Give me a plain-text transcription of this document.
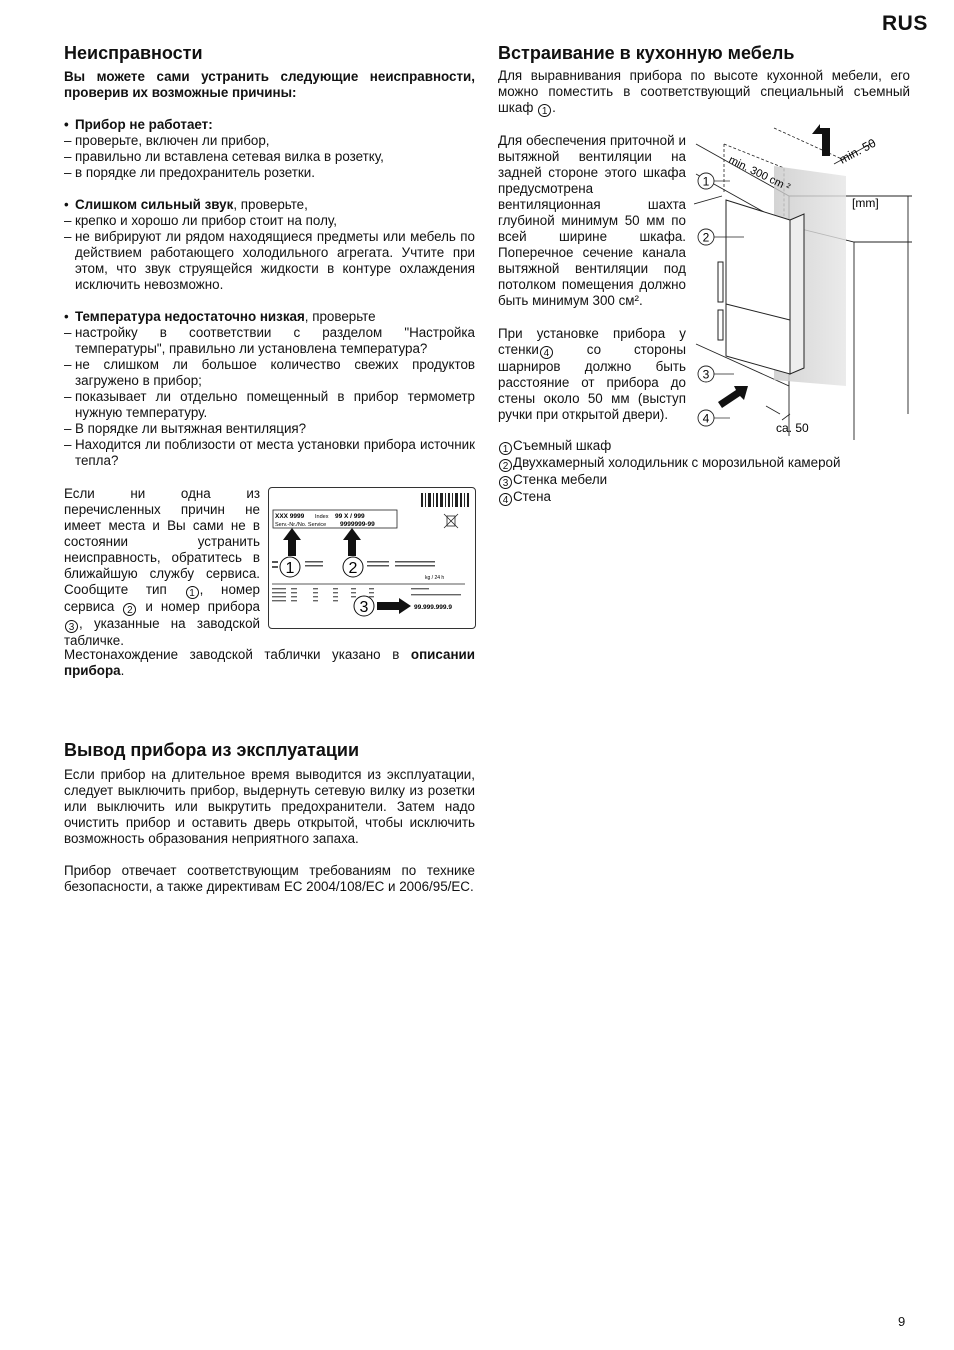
RUS
Неисправности

Вы можете сами устранить следующие неисправности, проверив их возможные причины:

• Прибор не работает:
– проверьте, включен ли прибор,
– правильно ли вставлена сетевая вилка в розетку,
– в порядке ли предохранитель розетки.
• Слишком сильный звук, проверьте,
– крепко и хорошо ли прибор стоит на полу,
– не вибрируют ли рядом находящиеся предметы или мебель по действием работающего холодильного агрегата. Учтите при этом, что звук струящейся жидкости в контуре охлаждения исключить невозможно.
• Температура недостаточно низкая, проверьте
– настройку в соответствии с разделом "Настройка температуры", правильно ли установлена температура?
– не слишком ли большое количество свежих продуктов загружено в прибор;
– показывает ли отдельно помещенный в прибор термометр нужную температуру.
– В порядке ли вытяжная вентиляция?
– Находится ли поблизости от места установки прибора источник тепла?

Если ни одна из перечисленных причин не имеет места и Вы сами не в состоянии устранить неисправность, обратитесь в ближайшую службу сервиса. Сообщите тип 1 , номер сервиса 2 и номер прибора 3 , указанные на заводской табличке.

XXX 9999 Index 99 X / 999
Serv.-Nr./No. Service 9999999-99
1	2
3
kg / 24 h
99.999.999.9

Местонахождение заводской таблички указано в описании прибора.

Вывод прибора из эксплуатации

Если прибор на длительное время выводится из эксплуатации, следует выключить прибор, выдернуть сетевую вилку из розетки или выключить или выкрутить предохранители. Затем надо очистить прибор и оставить дверь открытой, чтобы исключить возможность образования неприятного запаха.

Прибор отвечает соответствующим требованиям по технике безопасности, а также директивам ЕС 2004/108/EC и 2006/95/EC.

Встраивание в кухонную мебель

Для выравнивания прибора по высоте кухонной мебели, его можно поместить в соответствующий специальный съемный шкаф 1 .

Для обеспечения приточной и вытяжной вентиляции на задней стороне этого шкафа предусмотрена вентиляционная шахта глубиной минимум 50 мм по всей ширине шкафа. Поперечное сечение канала вытяжной вентиляции под потолком помещения должно быть минимум 300 см².

При установке прибора у стенки 4 со стороны шарниров должно быть расстояние от прибора до стены около 50 мм (выступ ручки при открытой двери).

1 Съемный шкаф
2 Двухкамерный холодильник с морозильной камерой
3 Стенка мебели
4 Стена
1
2
3
4
min. 300 cm ²
min. 50
[mm]
ca. 50
9
